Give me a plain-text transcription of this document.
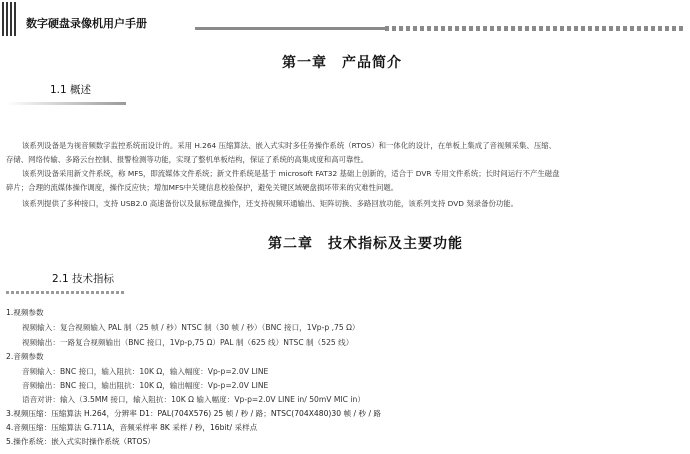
数字硬盘录像机用户手册
第一章　产品简介
1.1 概述
该系列设备是为视音频数字监控系统而设计的。采用 H.264 压缩算法、嵌入式实时多任务操作系统（RTOS）和一体化的设计，在单板上集成了音视频采集、压缩、
存储、网络传输、多路云台控制、报警检测等功能，实现了整机单板结构，保证了系统的高集成度和高可靠性。
该系列设备采用新文件系统，称 MFS，即流媒体文件系统；新文件系统是基于 microsoft FAT32 基础上创新的，适合于 DVR 专用文件系统；长时间运行不产生磁盘
碎片；合理的流媒体操作调度，操作反应快；增加MFS中关键信息校验保护，避免关键区域硬盘损坏带来的灾难性问题。
该系列提供了多种接口，支持 USB2.0 高速备份以及鼠标键盘操作，还支持视频环通输出、矩阵切换、多路回放功能，该系列支持 DVD 刻录备份功能。
第二章　技术指标及主要功能
2.1 技术指标
1.视频参数
视频输入：复合视频输入 PAL 制（25 帧 / 秒）NTSC 制（30 帧 / 秒）（BNC 接口，1Vp-p ,75 Ω）
视频输出：一路复合视频输出（BNC 接口，1Vp-p,75 Ω）PAL 制（625 线）NTSC 制（525 线）
2.音频参数
音频输入：BNC 接口，输入阻抗：10K Ω，输入幅度：Vp-p=2.0V LINE
音频输出：BNC 接口，输出阻抗：10K Ω，输出幅度：Vp-p=2.0V LINE
语音对讲：输入（3.5MM 接口，输入阻抗：10K Ω 输入幅度：Vp-p=2.0V LINE in/ 50mV MIC in）
3.视频压缩：压缩算法 H.264，分辨率 D1：PAL(704X576) 25 帧 / 秒 / 路；NTSC(704X480)30 帧 / 秒 / 路
4.音频压缩：压缩算法 G.711A，音频采样率 8K 采样 / 秒，16bit/ 采样点
5.操作系统：嵌入式实时操作系统（RTOS）
